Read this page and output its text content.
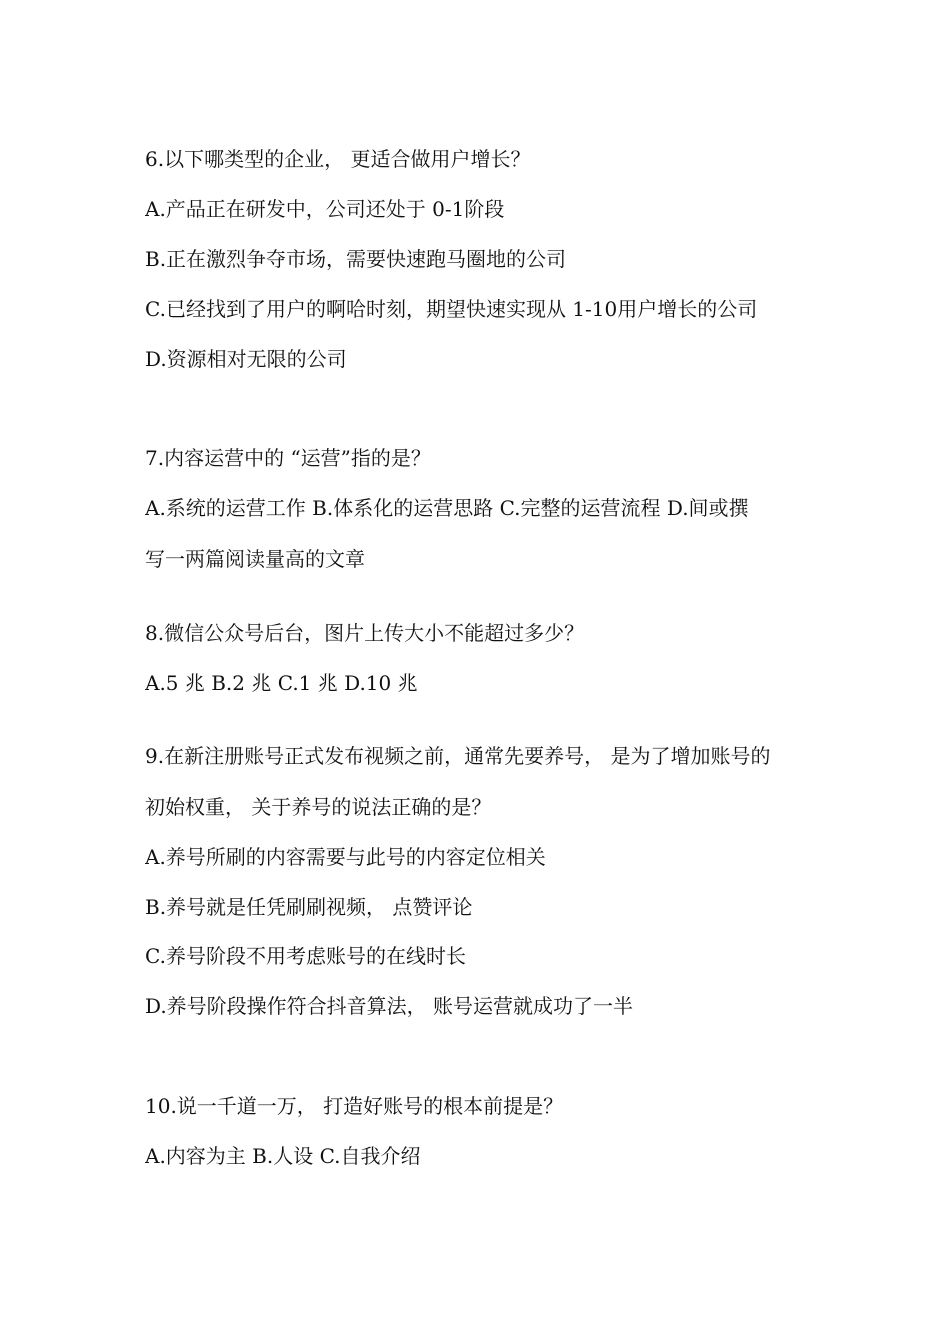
6.以下哪类型的企业， 更适合做用户增长？
A.产品正在研发中，公司还处于 0-1阶段
B.正在激烈争夺市场，需要快速跑马圈地的公司
C.已经找到了用户的啊哈时刻，期望快速实现从 1-10用户增长的公司
D.资源相对无限的公司
7.内容运营中的 “运营”指的是？
A.系统的运营工作 B.体系化的运营思路 C.完整的运营流程 D.间或撰
写一两篇阅读量高的文章
8.微信公众号后台，图片上传大小不能超过多少？
A.5 兆 B.2 兆 C.1 兆 D.10 兆
9.在新注册账号正式发布视频之前，通常先要养号， 是为了增加账号的
初始权重， 关于养号的说法正确的是？
A.养号所刷的内容需要与此号的内容定位相关
B.养号就是任凭刷刷视频， 点赞评论
C.养号阶段不用考虑账号的在线时长
D.养号阶段操作符合抖音算法， 账号运营就成功了一半
10.说一千道一万， 打造好账号的根本前提是？
A.内容为主 B.人设 C.自我介绍
